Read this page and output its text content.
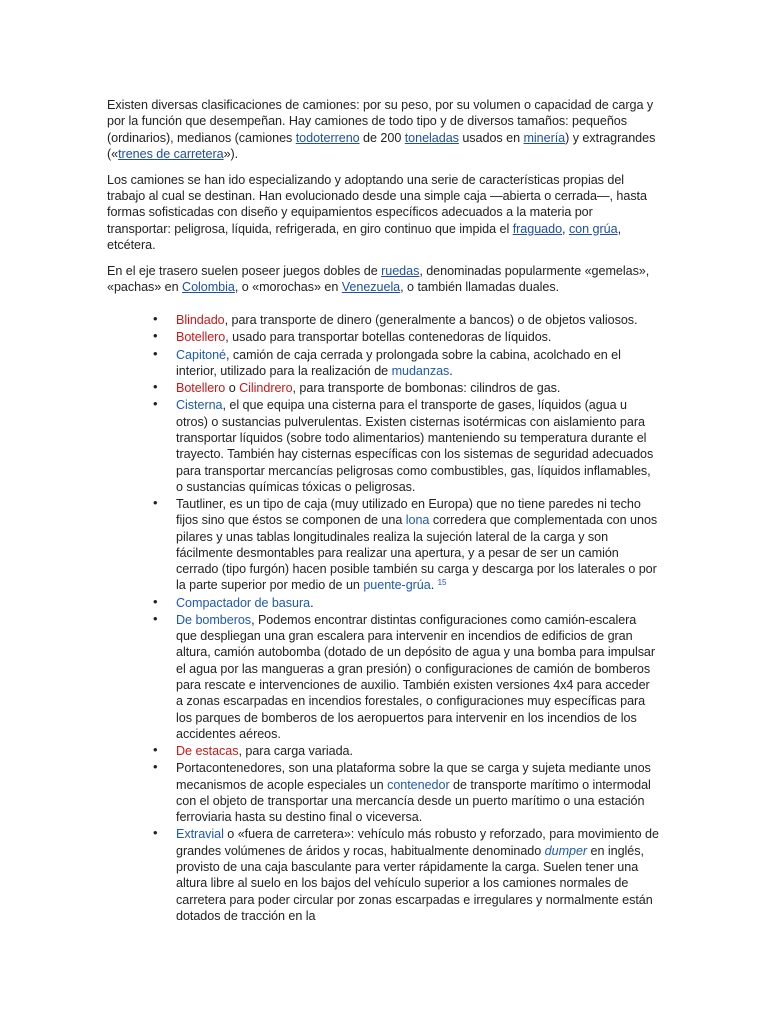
Existen diversas clasificaciones de camiones: por su peso, por su volumen o capacidad de carga y por la función que desempeñan. Hay camiones de todo tipo y de diversos tamaños: pequeños (ordinarios), medianos (camiones todoterreno de 200 toneladas usados en minería) y extragrandes («trenes de carretera»).

Los camiones se han ido especializando y adoptando una serie de características propias del trabajo al cual se destinan. Han evolucionado desde una simple caja —abierta o cerrada—, hasta formas sofisticadas con diseño y equipamientos específicos adecuados a la materia por transportar: peligrosa, líquida, refrigerada, en giro continuo que impida el fraguado, con grúa, etcétera.

En el eje trasero suelen poseer juegos dobles de ruedas, denominadas popularmente «gemelas», «pachas» en Colombia, o «morochas» en Venezuela, o también llamadas duales.

• Blindado, para transporte de dinero (generalmente a bancos) o de objetos valiosos.
• Botellero, usado para transportar botellas contenedoras de líquidos.
• Capitoné, camión de caja cerrada y prolongada sobre la cabina, acolchado en el interior, utilizado para la realización de mudanzas.
• Botellero o Cilindrero, para transporte de bombonas: cilindros de gas.
• Cisterna, el que equipa una cisterna para el transporte de gases, líquidos (agua u otros) o sustancias pulverulentas. Existen cisternas isotérmicas con aislamiento para transportar líquidos (sobre todo alimentarios) manteniendo su temperatura durante el trayecto. También hay cisternas específicas con los sistemas de seguridad adecuados para transportar mercancías peligrosas como combustibles, gas, líquidos inflamables, o sustancias químicas tóxicas o peligrosas.
• Tautliner, es un tipo de caja (muy utilizado en Europa) que no tiene paredes ni techo fijos sino que éstos se componen de una lona corredera que complementada con unos pilares y unas tablas longitudinales realiza la sujeción lateral de la carga y son fácilmente desmontables para realizar una apertura, y a pesar de ser un camión cerrado (tipo furgón) hacen posible también su carga y descarga por los laterales o por la parte superior por medio de un puente-grúa. $^{15}$
• Compactador de basura.
• De bomberos, Podemos encontrar distintas configuraciones como camión-escalera que despliegan una gran escalera para intervenir en incendios de edificios de gran altura, camión autobomba (dotado de un depósito de agua y una bomba para impulsar el agua por las mangueras a gran presión) o configuraciones de camión de bomberos para rescate e intervenciones de auxilio. También existen versiones 4x4 para acceder a zonas escarpadas en incendios forestales, o configuraciones muy específicas para los parques de bomberos de los aeropuertos para intervenir en los incendios de los accidentes aéreos.
• De estacas, para carga variada.
• Portacontenedores, son una plataforma sobre la que se carga y sujeta mediante unos mecanismos de acople especiales un contenedor de transporte marítimo o intermodal con el objeto de transportar una mercancía desde un puerto marítimo o una estación ferroviaria hasta su destino final o viceversa.
• Extravial o «fuera de carretera»: vehículo más robusto y reforzado, para movimiento de grandes volúmenes de áridos y rocas, habitualmente denominado dumper en inglés, provisto de una caja basculante para verter rápidamente la carga. Suelen tener una altura libre al suelo en los bajos del vehículo superior a los camiones normales de carretera para poder circular por zonas escarpadas e irregulares y normalmente están dotados de tracción en la
